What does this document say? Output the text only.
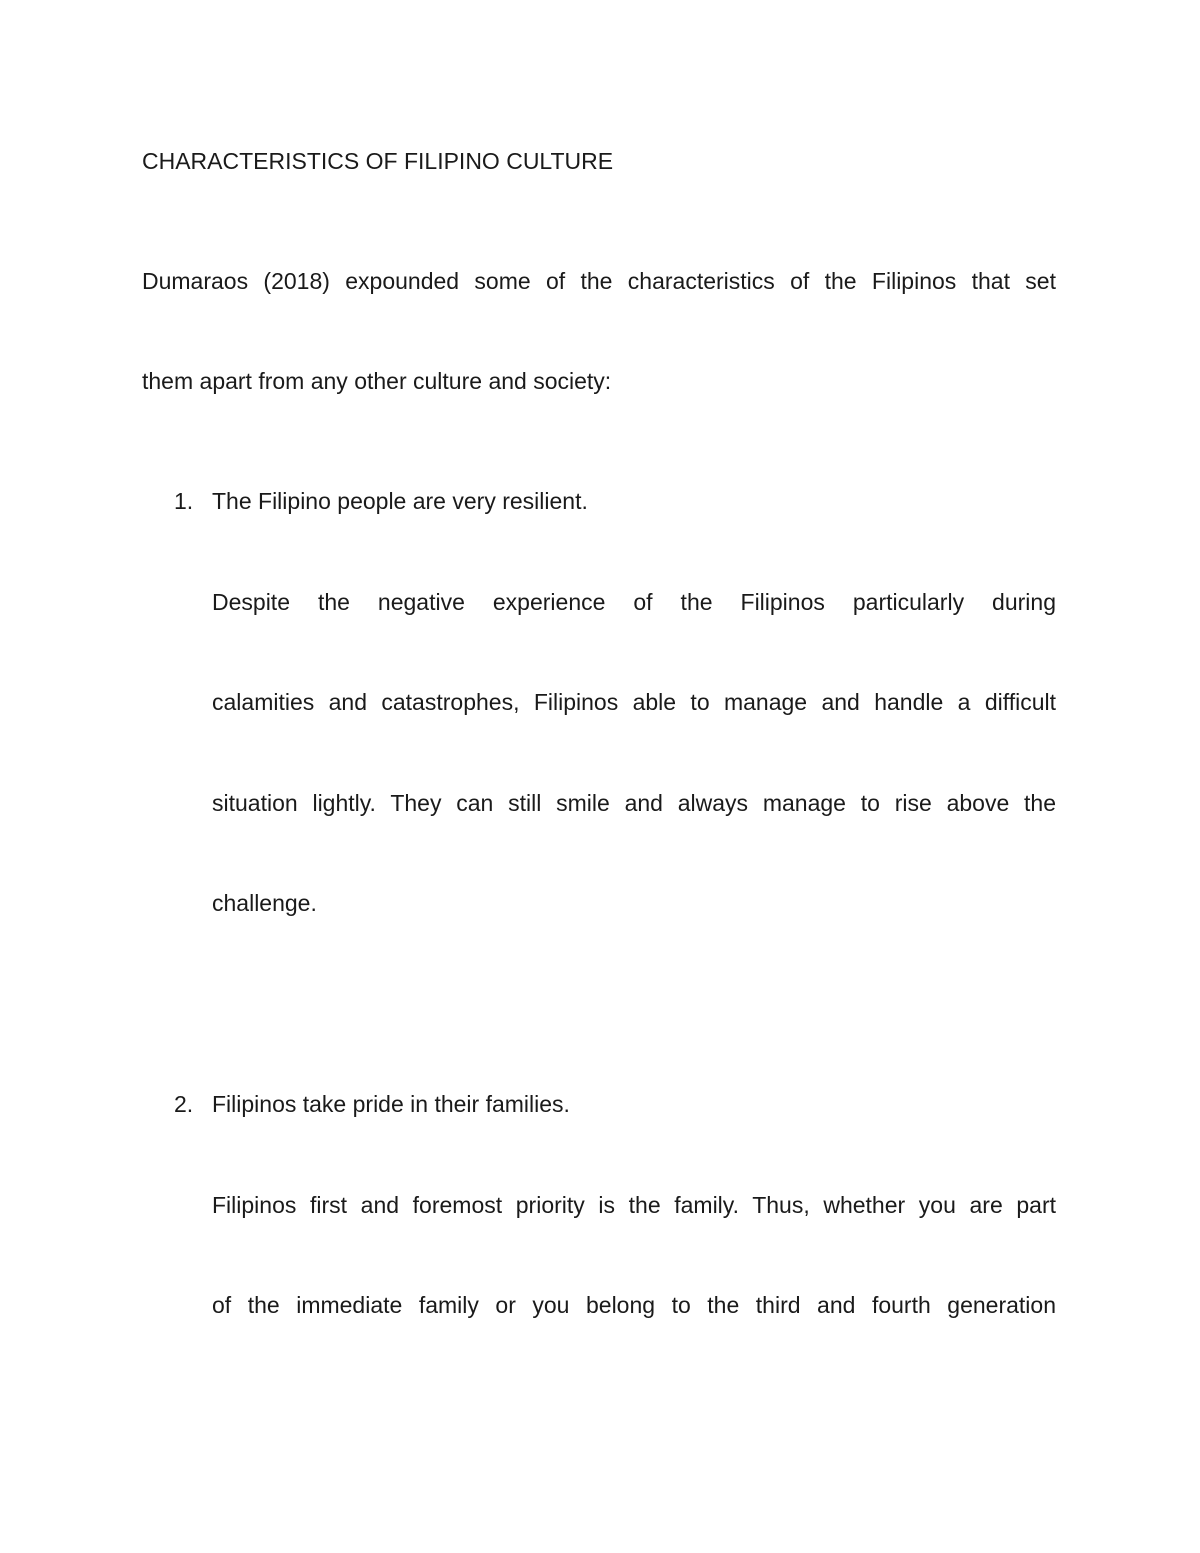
CHARACTERISTICS OF FILIPINO CULTURE
Dumaraos (2018) expounded some of the characteristics of the Filipinos that set
them apart from any other culture and society:
1. The Filipino people are very resilient.
Despite the negative experience of the Filipinos particularly during
calamities and catastrophes, Filipinos able to manage and handle a difficult
situation lightly. They can still smile and always manage to rise above the
challenge.
2. Filipinos take pride in their families.
Filipinos first and foremost priority is the family. Thus, whether you are part
of the immediate family or you belong to the third and fourth generation
